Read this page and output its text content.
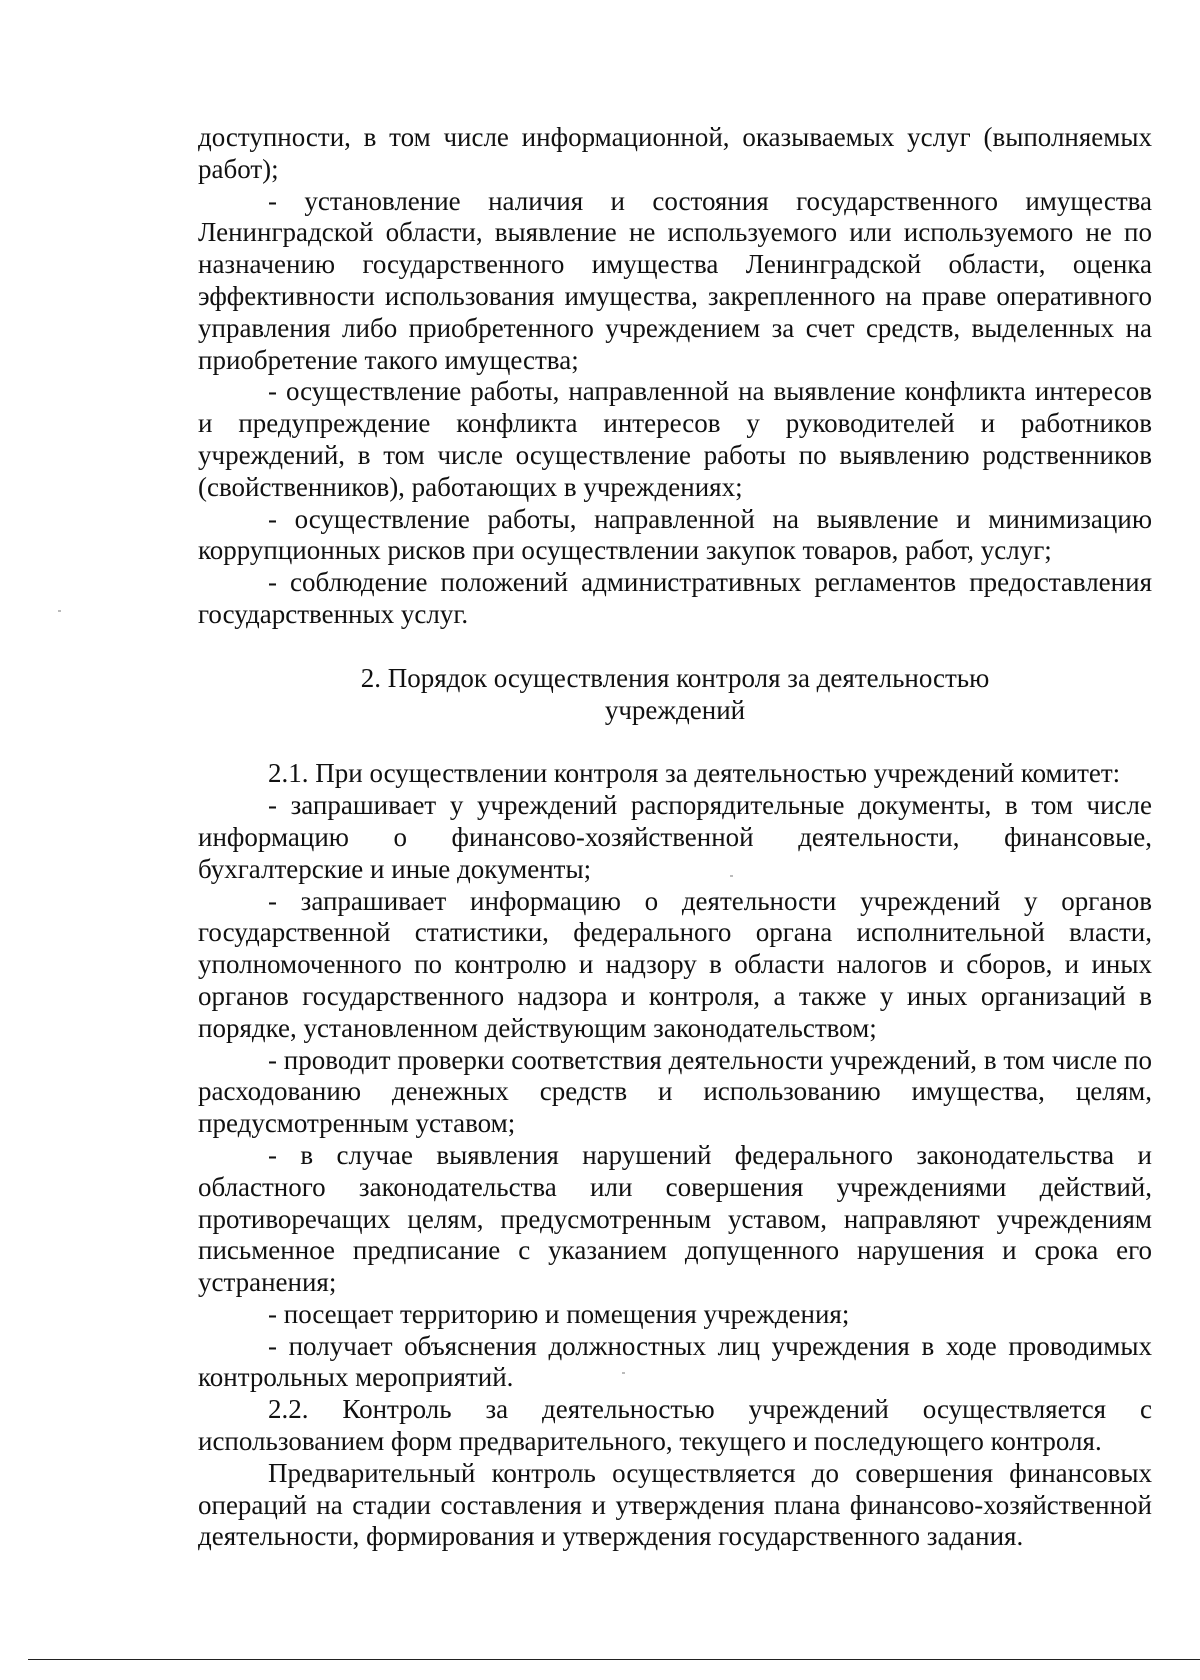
доступности, в том числе информационной, оказываемых услуг (выполняемых работ);

- установление наличия и состояния государственного имущества Ленинградской области, выявление не используемого или используемого не по назначению государственного имущества Ленинградской области, оценка эффективности использования имущества, закрепленного на праве оперативного управления либо приобретенного учреждением за счет средств, выделенных на приобретение такого имущества;

- осуществление работы, направленной на выявление конфликта интересов и предупреждение конфликта интересов у руководителей и работников учреждений, в том числе осуществление работы по выявлению родственников (свойственников), работающих в учреждениях;

- осуществление работы, направленной на выявление и минимизацию коррупционных рисков при осуществлении закупок товаров, работ, услуг;

- соблюдение положений административных регламентов предоставления государственных услуг.

2. Порядок осуществления контроля за деятельностью
учреждений

2.1. При осуществлении контроля за деятельностью учреждений комитет:

- запрашивает у учреждений распорядительные документы, в том числе информацию о финансово-хозяйственной деятельности, финансовые, бухгалтерские и иные документы;

- запрашивает информацию о деятельности учреждений у органов государственной статистики, федерального органа исполнительной власти, уполномоченного по контролю и надзору в области налогов и сборов, и иных органов государственного надзора и контроля, а также у иных организаций в порядке, установленном действующим законодательством;

- проводит проверки соответствия деятельности учреждений, в том числе по расходованию денежных средств и использованию имущества, целям, предусмотренным уставом;

- в случае выявления нарушений федерального законодательства и областного законодательства или совершения учреждениями действий, противоречащих целям, предусмотренным уставом, направляют учреждениям письменное предписание с указанием допущенного нарушения и срока его устранения;

- посещает территорию и помещения учреждения;

- получает объяснения должностных лиц учреждения в ходе проводимых контрольных мероприятий.

2.2. Контроль за деятельностью учреждений осуществляется с использованием форм предварительного, текущего и последующего контроля.

Предварительный контроль осуществляется до совершения финансовых операций на стадии составления и утверждения плана финансово-хозяйственной деятельности, формирования и утверждения государственного задания.
